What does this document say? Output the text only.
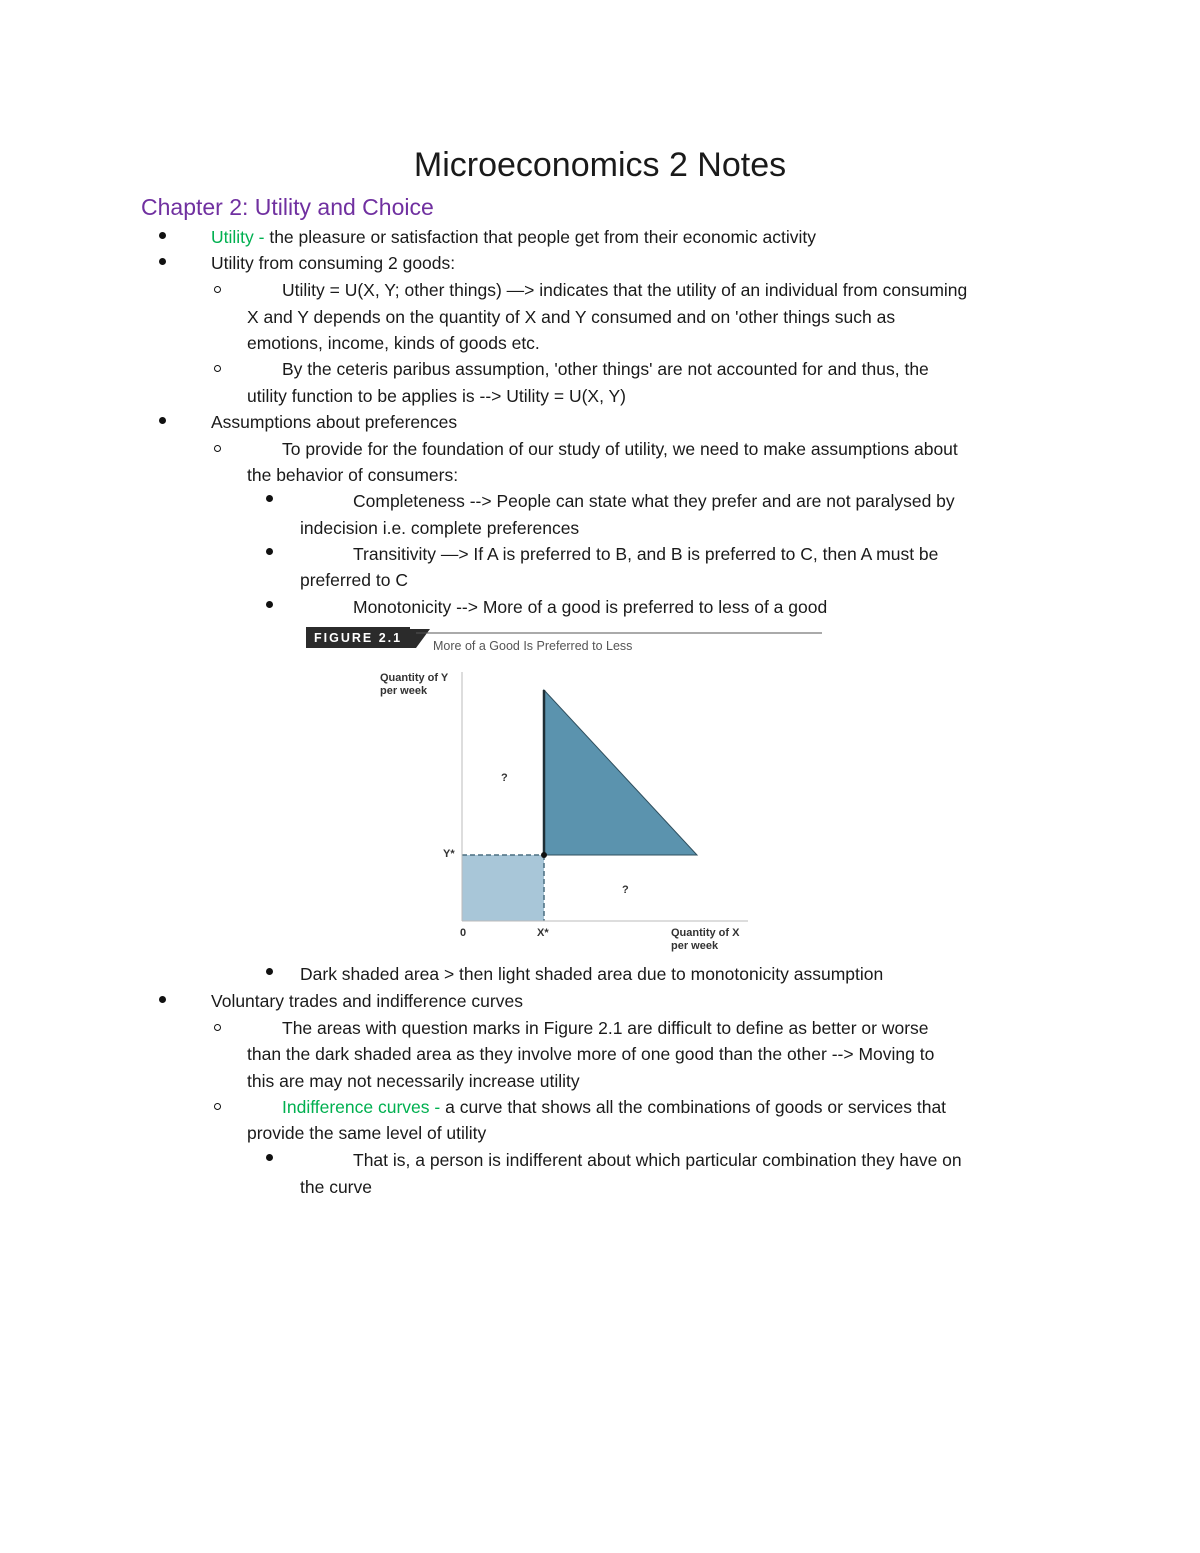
Microeconomics 2 Notes
Chapter 2: Utility and Choice
Utility - the pleasure or satisfaction that people get from their economic activity
Utility from consuming 2 goods:
Utility = U(X, Y; other things) —> indicates that the utility of an individual from consuming
X and Y depends on the quantity of X and Y consumed and on 'other things such as
emotions, income, kinds of goods etc.
By the ceteris paribus assumption, 'other things' are not accounted for and thus, the
utility function to be applies is --> Utility = U(X, Y)
Assumptions about preferences
To provide for the foundation of our study of utility, we need to make assumptions about
the behavior of consumers:
Completeness --> People can state what they prefer and are not paralysed by
indecision i.e. complete preferences
Transitivity —> If A is preferred to B, and B is preferred to C, then A must be
preferred to C
Monotonicity --> More of a good is preferred to less of a good
FIGURE 2.1
More of a Good Is Preferred to Less
Quantity of Y
per week
Quantity of X
per week
0	X*
Y*
?
?
Dark shaded area > then light shaded area due to monotonicity assumption
Voluntary trades and indifference curves
The areas with question marks in Figure 2.1 are difficult to define as better or worse
than the dark shaded area as they involve more of one good than the other --> Moving to
this are may not necessarily increase utility
Indifference curves - a curve that shows all the combinations of goods or services that
provide the same level of utility
That is, a person is indifferent about which particular combination they have on
the curve
